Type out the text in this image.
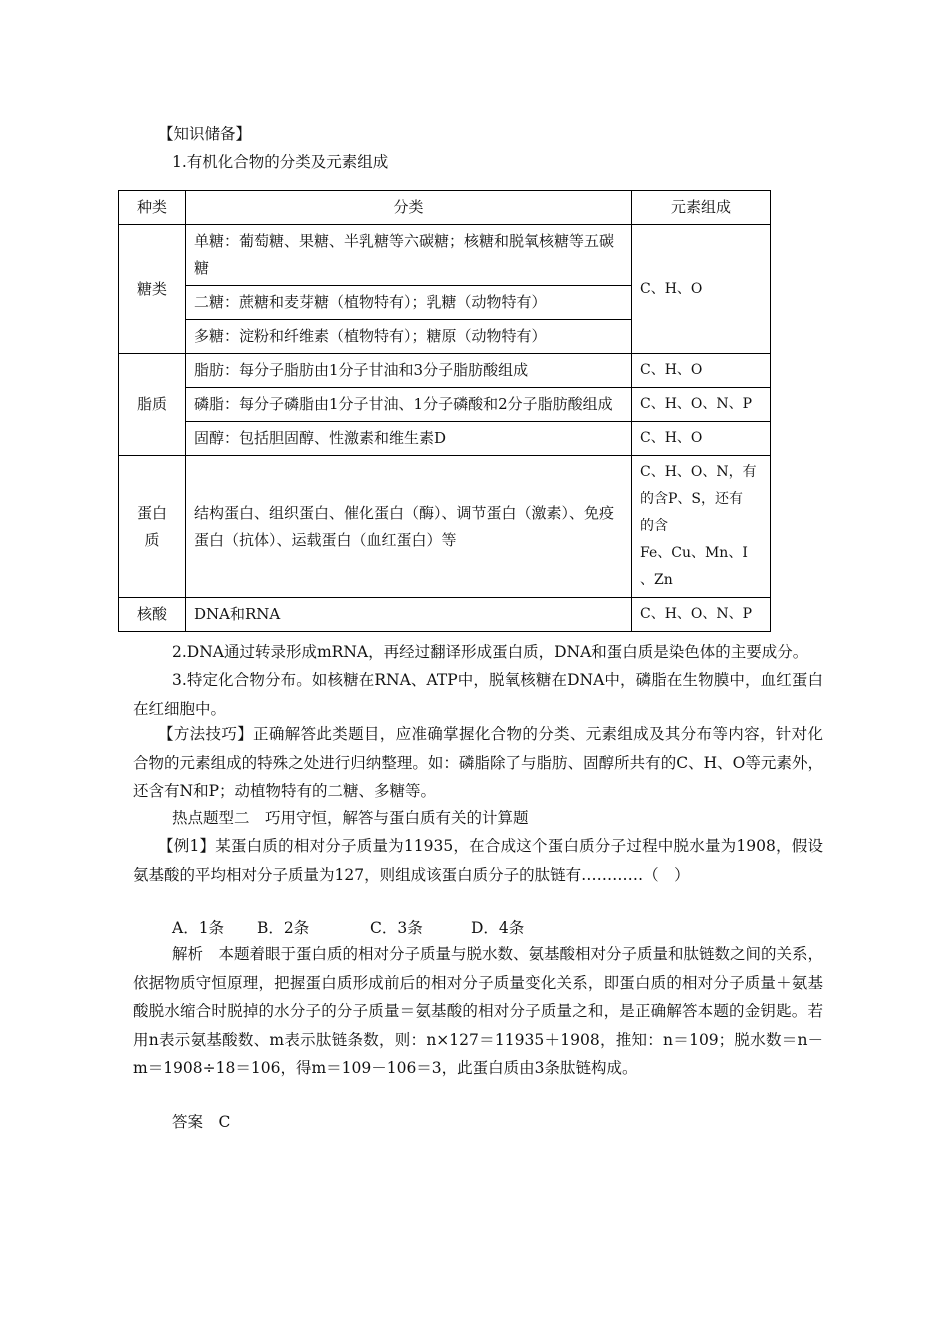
【知识储备】
1.有机化合物的分类及元素组成
种类	分类	元素组成
糖类	单糖：葡萄糖、果糖、半乳糖等六碳糖；核糖和脱氧核糖等五碳糖	C、H、O
	二糖：蔗糖和麦芽糖（植物特有）；乳糖（动物特有）	
	多糖：淀粉和纤维素（植物特有）；糖原（动物特有）	
脂质	脂肪：每分子脂肪由1分子甘油和3分子脂肪酸组成	C、H、O
	磷脂：每分子磷脂由1分子甘油、1分子磷酸和2分子脂肪酸组成	C、H、O、N、P
	固醇：包括胆固醇、性激素和维生素D	C、H、O

蛋白
质	结构蛋白、组织蛋白、催化蛋白（酶）、调节蛋白（激素）、免疫蛋白（抗体）、运载蛋白（血红蛋白）等	C、H、O、N，有
的含P、S，还有
的含
Fe、Cu、Mn、I
、Zn

核酸	DNA和RNA	C、H、O、N、P
2.DNA通过转录形成mRNA，再经过翻译形成蛋白质，DNA和蛋白质是染色体的主要成分。
3.特定化合物分布。如核糖在RNA、ATP中，脱氧核糖在DNA中，磷脂在生物膜中，血红蛋白在红细胞中。
【方法技巧】正确解答此类题目，应准确掌握化合物的分类、元素组成及其分布等内容，针对化合物的元素组成的特殊之处进行归纳整理。如：磷脂除了与脂肪、固醇所共有的C、H、O等元素外，还含有N和P；动植物特有的二糖、多糖等。
热点题型二　巧用守恒，解答与蛋白质有关的计算题
【例1】某蛋白质的相对分子质量为11935，在合成这个蛋白质分子过程中脱水量为1908，假设氨基酸的平均相对分子质量为127，则组成该蛋白质分子的肽链有…………（　）
A．1条 B．2条	C．3条	D．4条
解析　本题着眼于蛋白质的相对分子质量与脱水数、氨基酸相对分子质量和肽链数之间的关系，依据物质守恒原理，把握蛋白质形成前后的相对分子质量变化关系，即蛋白质的相对分子质量＋氨基酸脱水缩合时脱掉的水分子的分子质量＝氨基酸的相对分子质量之和，是正确解答本题的金钥匙。若用n表示氨基酸数、m表示肽链条数，则：n×127＝11935＋1908，推知：n＝109；脱水数＝n－m＝1908÷18＝106，得m＝109－106＝3，此蛋白质由3条肽链构成。
答案　C
